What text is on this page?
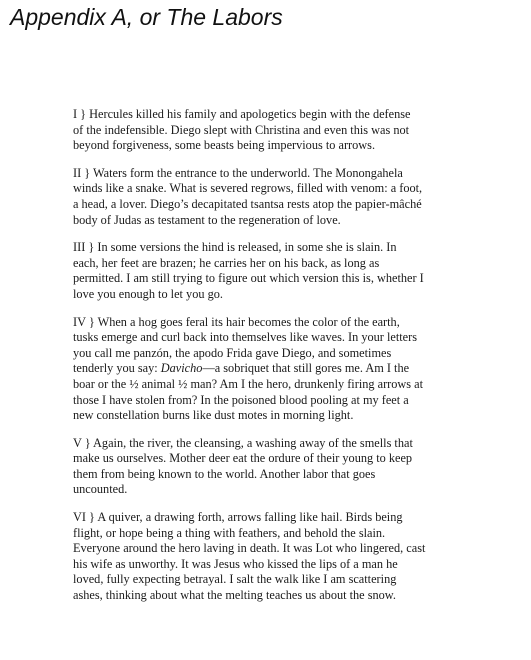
Appendix A, or The Labors

I } Hercules killed his family and apologetics begin with the defense
of the indefensible. Diego slept with Christina and even this was not
beyond forgiveness, some beasts being impervious to arrows.

II } Waters form the entrance to the underworld. The Monongahela
winds like a snake. What is severed regrows, filled with venom: a foot,
a head, a lover. Diego’s decapitated tsantsa rests atop the papier-mâché
body of Judas as testament to the regeneration of love.

III } In some versions the hind is released, in some she is slain. In
each, her feet are brazen; he carries her on his back, as long as
permitted. I am still trying to figure out which version this is, whether I
love you enough to let you go.

IV } When a hog goes feral its hair becomes the color of the earth,
tusks emerge and curl back into themselves like waves. In your letters
you call me panzón, the apodo Frida gave Diego, and sometimes
tenderly you say: Davicho—a sobriquet that still gores me. Am I the
boar or the ½ animal ½ man? Am I the hero, drunkenly firing arrows at
those I have stolen from? In the poisoned blood pooling at my feet a
new constellation burns like dust motes in morning light.

V } Again, the river, the cleansing, a washing away of the smells that
make us ourselves. Mother deer eat the ordure of their young to keep
them from being known to the world. Another labor that goes
uncounted.

VI } A quiver, a drawing forth, arrows falling like hail. Birds being
flight, or hope being a thing with feathers, and behold the slain.
Everyone around the hero laving in death. It was Lot who lingered, cast
his wife as unworthy. It was Jesus who kissed the lips of a man he
loved, fully expecting betrayal. I salt the walk like I am scattering
ashes, thinking about what the melting teaches us about the snow.
